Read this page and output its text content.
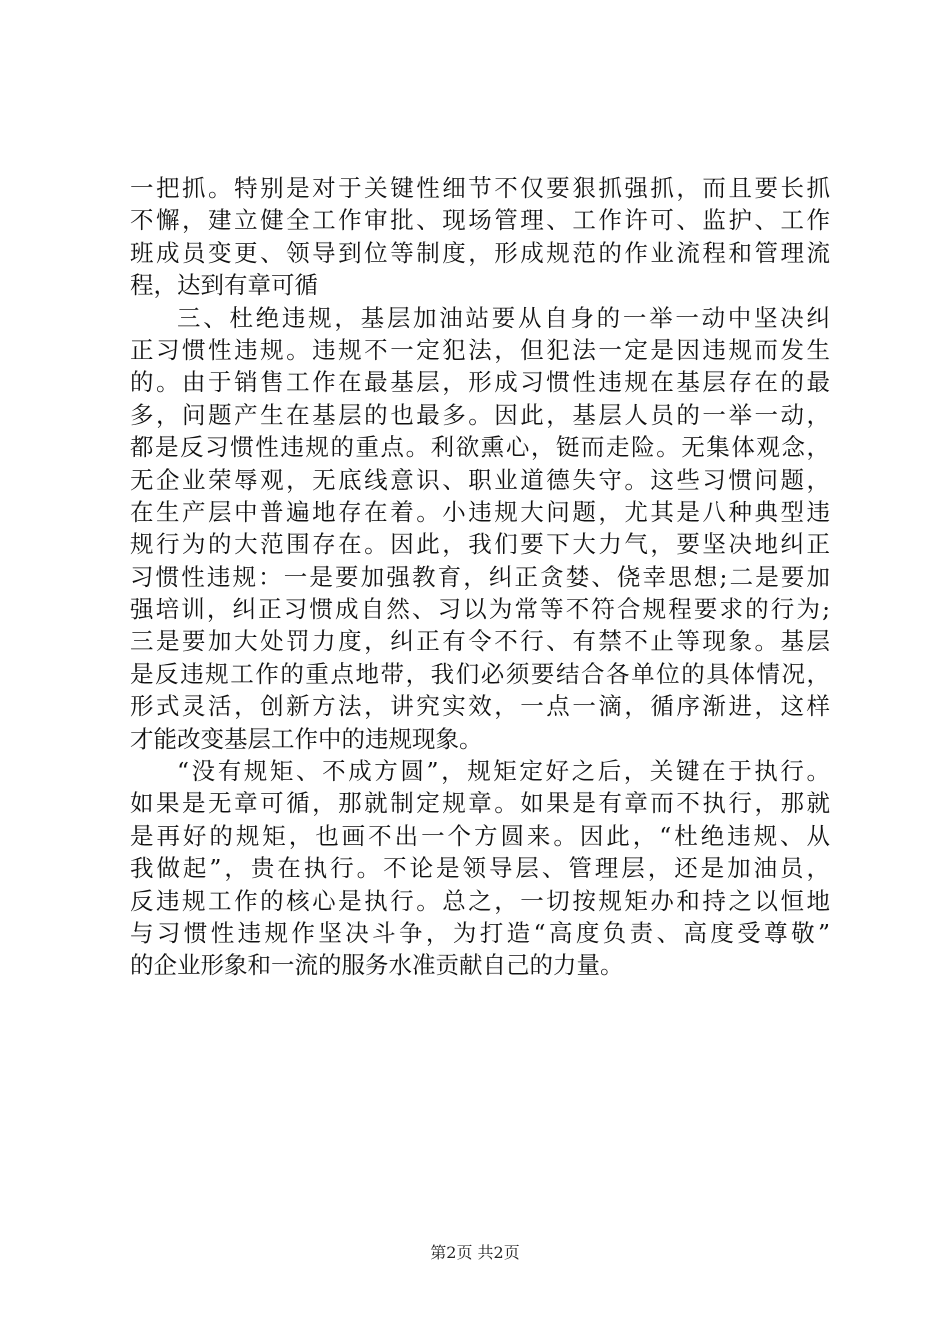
一把抓。特别是对于关键性细节不仅要狠抓强抓，而且要长抓
不懈，建立健全工作审批、现场管理、工作许可、监护、工作
班成员变更、领导到位等制度，形成规范的作业流程和管理流
程，达到有章可循
三、杜绝违规，基层加油站要从自身的一举一动中坚决纠
正习惯性违规。违规不一定犯法，但犯法一定是因违规而发生
的。由于销售工作在最基层，形成习惯性违规在基层存在的最
多，问题产生在基层的也最多。因此，基层人员的一举一动，
都是反习惯性违规的重点。利欲熏心，铤而走险。无集体观念，
无企业荣辱观，无底线意识、职业道德失守。这些习惯问题，
在生产层中普遍地存在着。小违规大问题，尤其是八种典型违
规行为的大范围存在。因此，我们要下大力气，要坚决地纠正
习惯性违规：一是要加强教育，纠正贪婪、侥幸思想;二是要加
强培训，纠正习惯成自然、习以为常等不符合规程要求的行为;
三是要加大处罚力度，纠正有令不行、有禁不止等现象。基层
是反违规工作的重点地带，我们必须要结合各单位的具体情况，
形式灵活，创新方法，讲究实效，一点一滴，循序渐进，这样
才能改变基层工作中的违规现象。
“没有规矩、不成方圆”，规矩定好之后，关键在于执行。
如果是无章可循，那就制定规章。如果是有章而不执行，那就
是再好的规矩，也画不出一个方圆来。因此，“杜绝违规、从
我做起”，贵在执行。不论是领导层、管理层，还是加油员，
反违规工作的核心是执行。总之，一切按规矩办和持之以恒地
与习惯性违规作坚决斗争，为打造“高度负责、高度受尊敬”
的企业形象和一流的服务水准贡献自己的力量。
第2页 共2页
